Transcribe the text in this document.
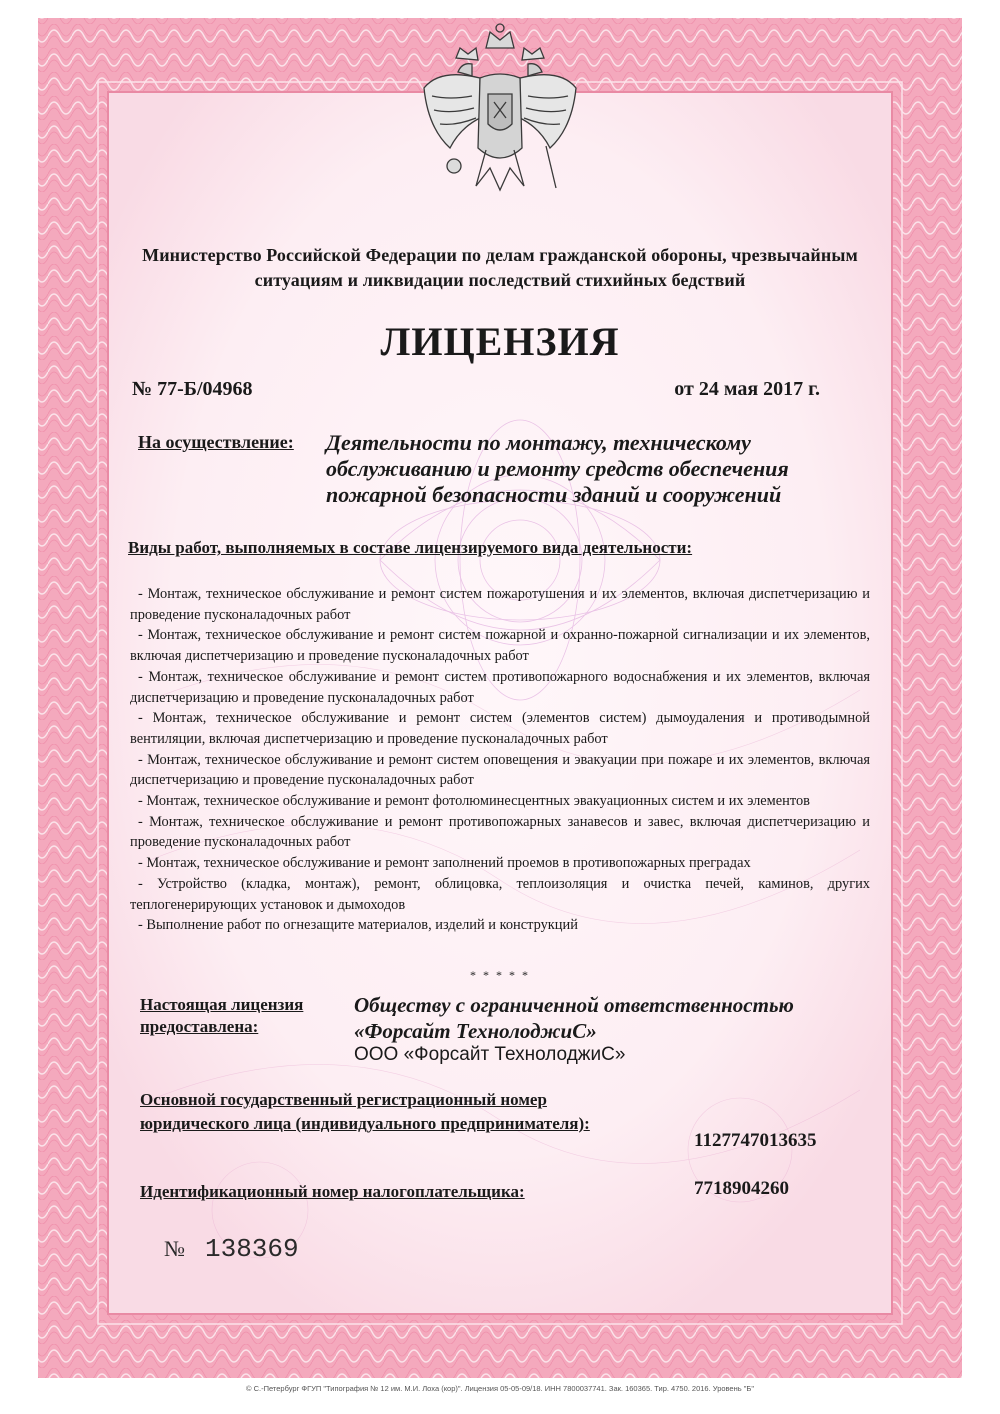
Министерство Российской Федерации по делам гражданской обороны, чрезвычайным ситуациям и ликвидации последствий стихийных бедствий
ЛИЦЕНЗИЯ
№ 77-Б/04968	от 24 мая 2017 г.
На осуществление: Деятельности по монтажу, техническому обслуживанию и ремонту средств обеспечения пожарной безопасности зданий и сооружений
Виды работ, выполняемых в составе лицензируемого вида деятельности:
- Монтаж, техническое обслуживание и ремонт систем пожаротушения и их элементов, включая диспетчеризацию и проведение пусконаладочных работ
- Монтаж, техническое обслуживание и ремонт систем пожарной и охранно-пожарной сигнализации и их элементов, включая диспетчеризацию и проведение пусконаладочных работ
- Монтаж, техническое обслуживание и ремонт систем противопожарного водоснабжения и их элементов, включая диспетчеризацию и проведение пусконаладочных работ
- Монтаж, техническое обслуживание и ремонт систем (элементов систем) дымоудаления и противодымной вентиляции, включая диспетчеризацию и проведение пусконаладочных работ
- Монтаж, техническое обслуживание и ремонт систем оповещения и эвакуации при пожаре и их элементов, включая диспетчеризацию и проведение пусконаладочных работ
- Монтаж, техническое обслуживание и ремонт фотолюминесцентных эвакуационных систем и их элементов
- Монтаж, техническое обслуживание и ремонт противопожарных занавесов и завес, включая диспетчеризацию и проведение пусконаладочных работ
- Монтаж, техническое обслуживание и ремонт заполнений проемов в противопожарных преградах
- Устройство (кладка, монтаж), ремонт, облицовка, теплоизоляция и очистка печей, каминов, других теплогенерирующих установок и дымоходов
- Выполнение работ по огнезащите материалов, изделий и конструкций
* * * * *
Настоящая лицензия предоставлена:
Обществу с ограниченной ответственностью «Форсайт ТехнолоджиС»
ООО «Форсайт ТехнолоджиС»
Основной государственный регистрационный номер юридического лица (индивидуального предпринимателя):
1127747013635
Идентификационный номер налогоплательщика:	7718904260
№ 138369
© С.-Петербург ФГУП "Типография № 12 им. М.И. Лоха (кор)". Лицензия 05-05-09/18. ИНН 7800037741. Зак. 160365. Тир. 4750. 2016. Уровень "Б"
